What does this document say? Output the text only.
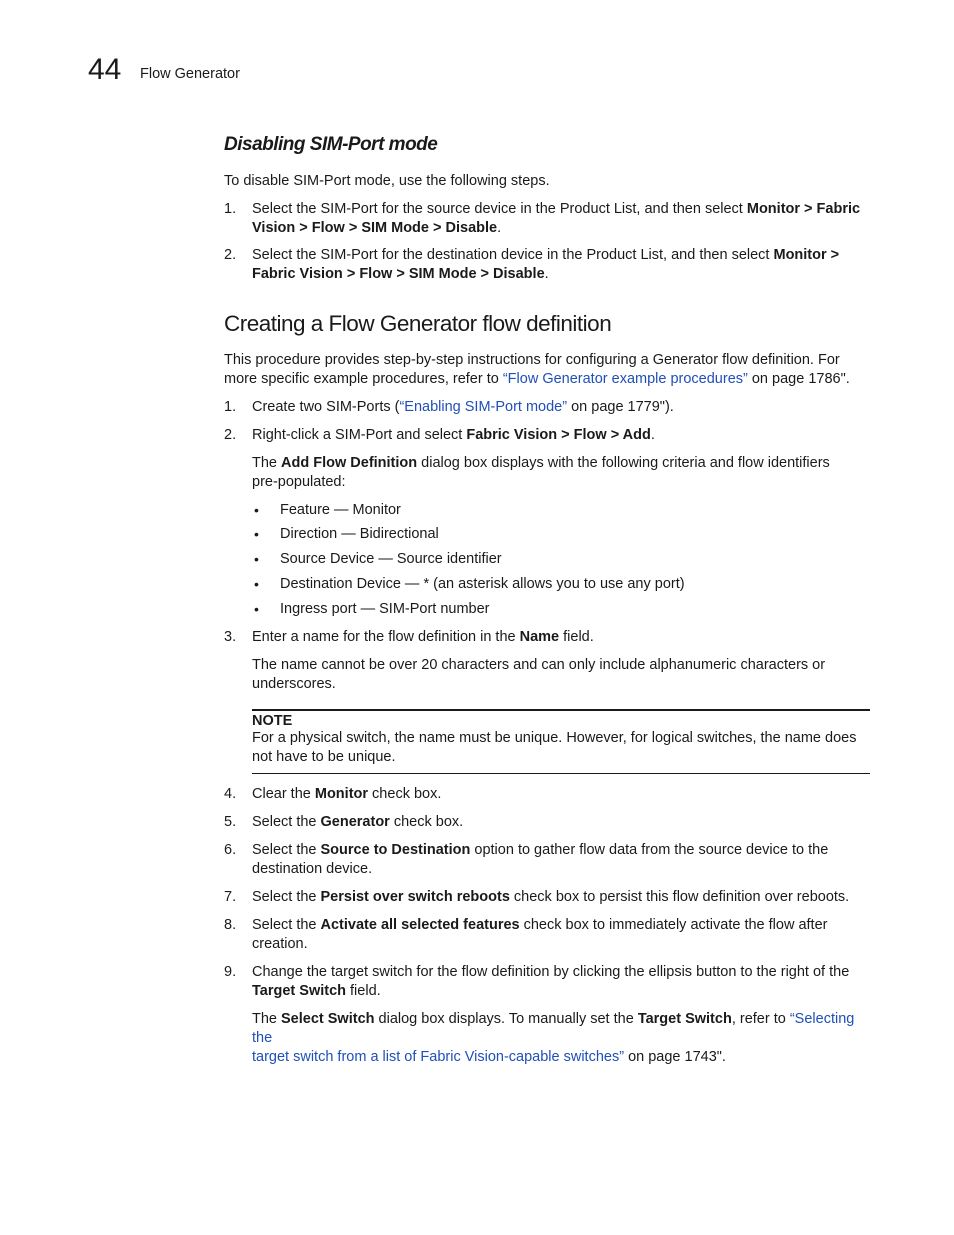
44 Flow Generator
Disabling SIM-Port mode
To disable SIM-Port mode, use the following steps.
1. Select the SIM-Port for the source device in the Product List, and then select Monitor > Fabric
Vision > Flow > SIM Mode > Disable.
2. Select the SIM-Port for the destination device in the Product List, and then select Monitor >
Fabric Vision > Flow > SIM Mode > Disable.
Creating a Flow Generator flow definition
This procedure provides step-by-step instructions for configuring a Generator flow definition. For
more specific example procedures, refer to “Flow Generator example procedures” on page 1786".
1. Create two SIM-Ports (“Enabling SIM-Port mode” on page 1779").
2. Right-click a SIM-Port and select Fabric Vision > Flow > Add.
The Add Flow Definition dialog box displays with the following criteria and flow identifiers
pre-populated:
• Feature — Monitor
• Direction — Bidirectional
• Source Device — Source identifier
• Destination Device — * (an asterisk allows you to use any port)
• Ingress port — SIM-Port number
3. Enter a name for the flow definition in the Name field.
The name cannot be over 20 characters and can only include alphanumeric characters or
underscores.
NOTE
For a physical switch, the name must be unique. However, for logical switches, the name does
not have to be unique.
4. Clear the Monitor check box.
5. Select the Generator check box.
6. Select the Source to Destination option to gather flow data from the source device to the
destination device.
7. Select the Persist over switch reboots check box to persist this flow definition over reboots.
8. Select the Activate all selected features check box to immediately activate the flow after
creation.
9. Change the target switch for the flow definition by clicking the ellipsis button to the right of the
Target Switch field.
The Select Switch dialog box displays. To manually set the Target Switch, refer to “Selecting the
target switch from a list of Fabric Vision-capable switches” on page 1743".
